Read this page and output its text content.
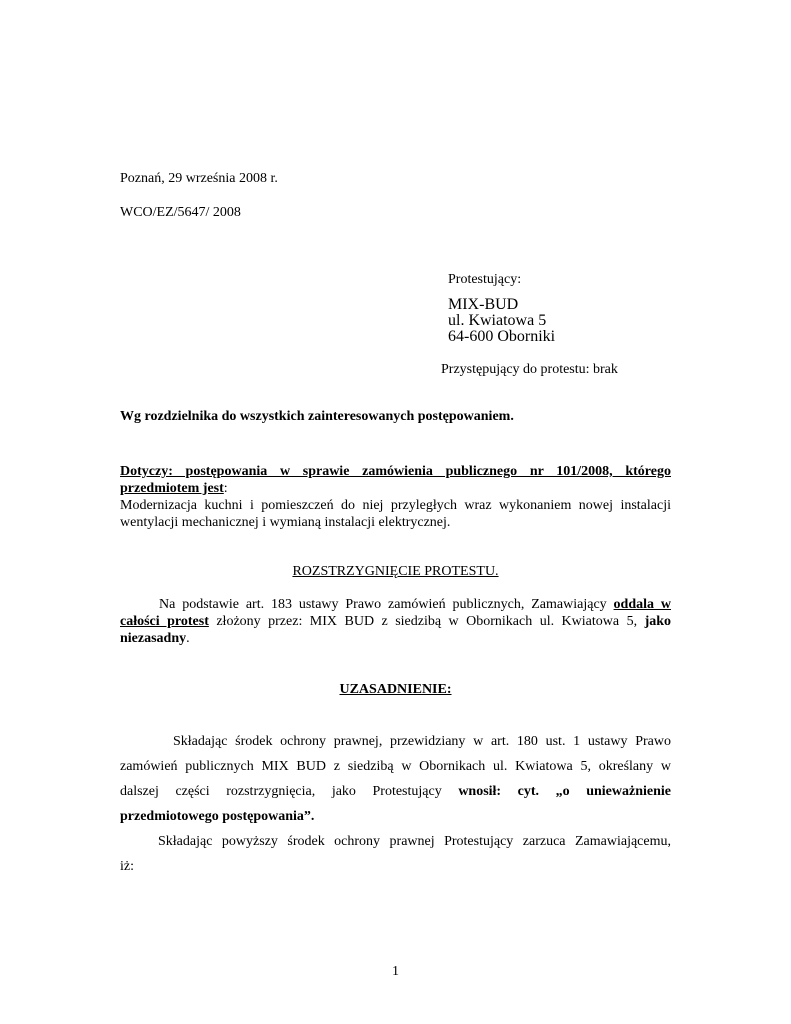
Poznań, 29 września 2008 r.
WCO/EZ/5647/ 2008
Protestujący:
MIX-BUD
ul. Kwiatowa 5
64-600 Oborniki
Przystępujący do protestu: brak
Wg rozdzielnika do wszystkich zainteresowanych postępowaniem.
Dotyczy: postępowania w sprawie zamówienia publicznego nr 101/2008, którego
przedmiotem jest:
Modernizacja kuchni i pomieszczeń do niej przyległych wraz wykonaniem nowej instalacji
wentylacji mechanicznej i wymianą instalacji elektrycznej.
ROZSTRZYGNIĘCIE PROTESTU.
Na podstawie art. 183 ustawy Prawo zamówień publicznych, Zamawiający oddala w
całości protest złożony przez: MIX BUD z siedzibą w Obornikach ul. Kwiatowa 5, jako
niezasadny.
UZASADNIENIE:
Składając środek ochrony prawnej, przewidziany w art. 180 ust. 1 ustawy Prawo
zamówień publicznych MIX BUD z siedzibą w Obornikach ul. Kwiatowa 5, określany w
dalszej części rozstrzygnięcia, jako Protestujący wnosił: cyt. „o unieważnienie
przedmiotowego postępowania”.
Składając powyższy środek ochrony prawnej Protestujący zarzuca Zamawiającemu,
iż:
1
